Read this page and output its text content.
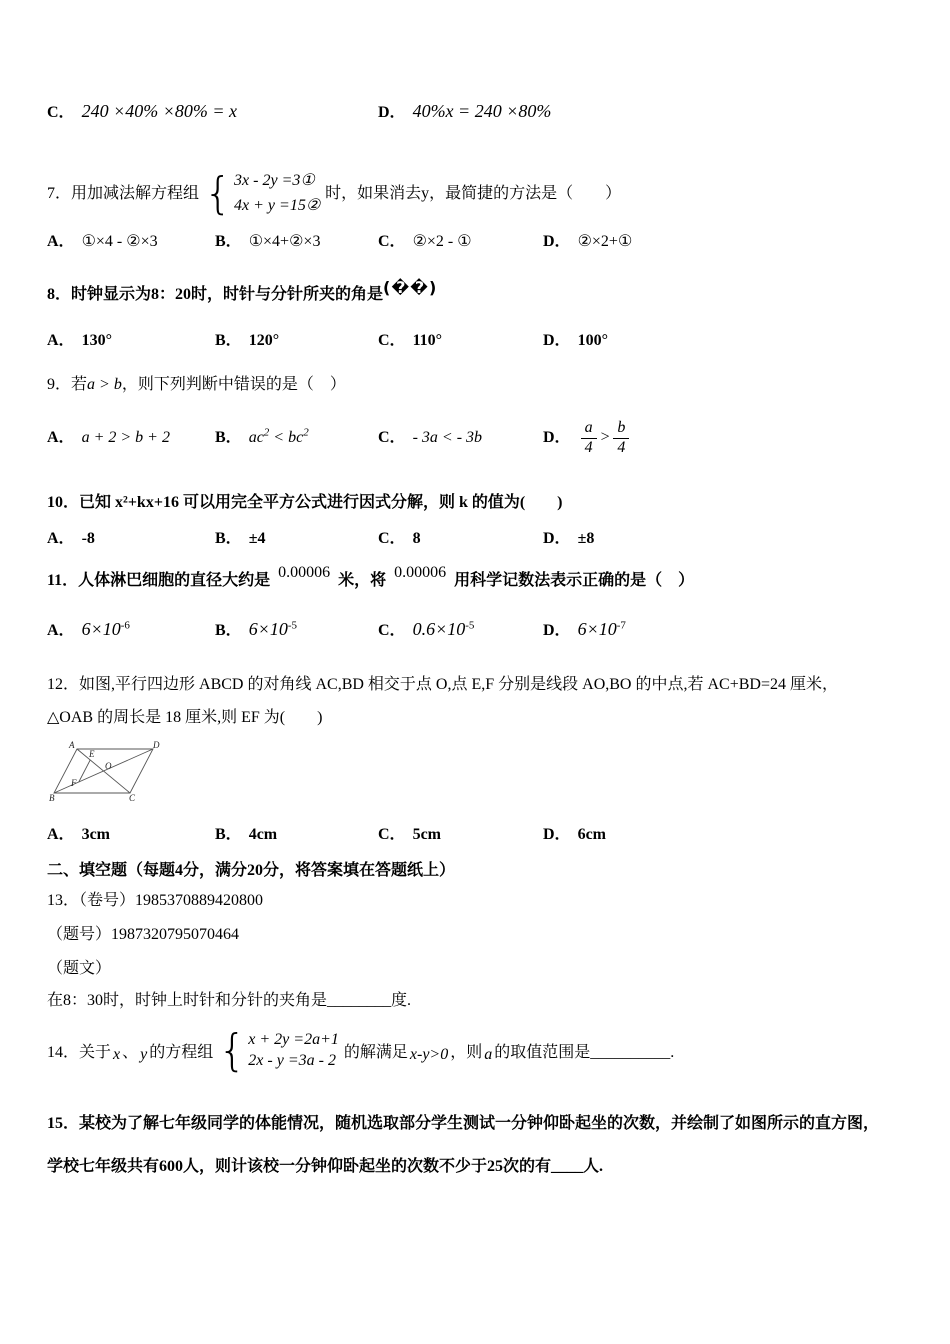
C． 240 ×40% ×80% = x	D． 40%x = 240 ×80%
7． 用加减法解方程组 { 3x - 2y =3①
4x + y =15②
时，如果消去y，最简捷的方法是（　　）
A． ①×4 - ②×3	B． ①×4+②×3	C． ②×2 - ①	D． ②×2+①

8．时钟显示为8：20时，时针与分针所夹的角是(��)

A． 130°	B． 120°	C． 110°	D． 100°

9．若a > b，则下列判断中错误的是（　）

A． a + 2 > b + 2	B． $ac^2 < bc^2$	C． - 3a < - 3b	D． $\frac{a}{4} > \frac{b}{4}$

10．已知 x²+kx+16 可以用完全平方公式进行因式分解，则 k 的值为(　　)

A． -8	B． ±4	C． 8	D． ±8

11．人体淋巴细胞的直径大约是 0.00006 米，将 0.00006 用科学记数法表示正确的是（　）

A． $6\times 10^{-6}$	B． $6\times 10^{-5}$	C． $0.6\times 10^{-5}$	D． $6\times 10^{-7}$

12．如图,平行四边形 ABCD 的对角线 AC,BD 相交于点 O,点 E,F 分别是线段 AO,BO 的中点,若 AC+BD=24 厘米，

△OAB 的周长是 18 厘米,则 EF 为(　　)

A	D
B	C
E
O
F
A． 3cm	B． 4cm	C． 5cm	D． 6cm

二、填空题（每题4分，满分20分，将答案填在答题纸上）

13．（卷号）1985370889420800

（题号）1987320795070464

（题文）

在8：30时，时钟上时针和分针的夹角是________度.

14． 关于 x 、 y 的方程组 { x + 2y =2a+1
2x - y =3a - 2 的解满足 x-y>0 ，则 a 的取值范围是__________.

15．某校为了解七年级同学的体能情况，随机选取部分学生测试一分钟仰卧起坐的次数，并绘制了如图所示的直方图，

学校七年级共有600人，则计该校一分钟仰卧起坐的次数不少于25次的有____人.
